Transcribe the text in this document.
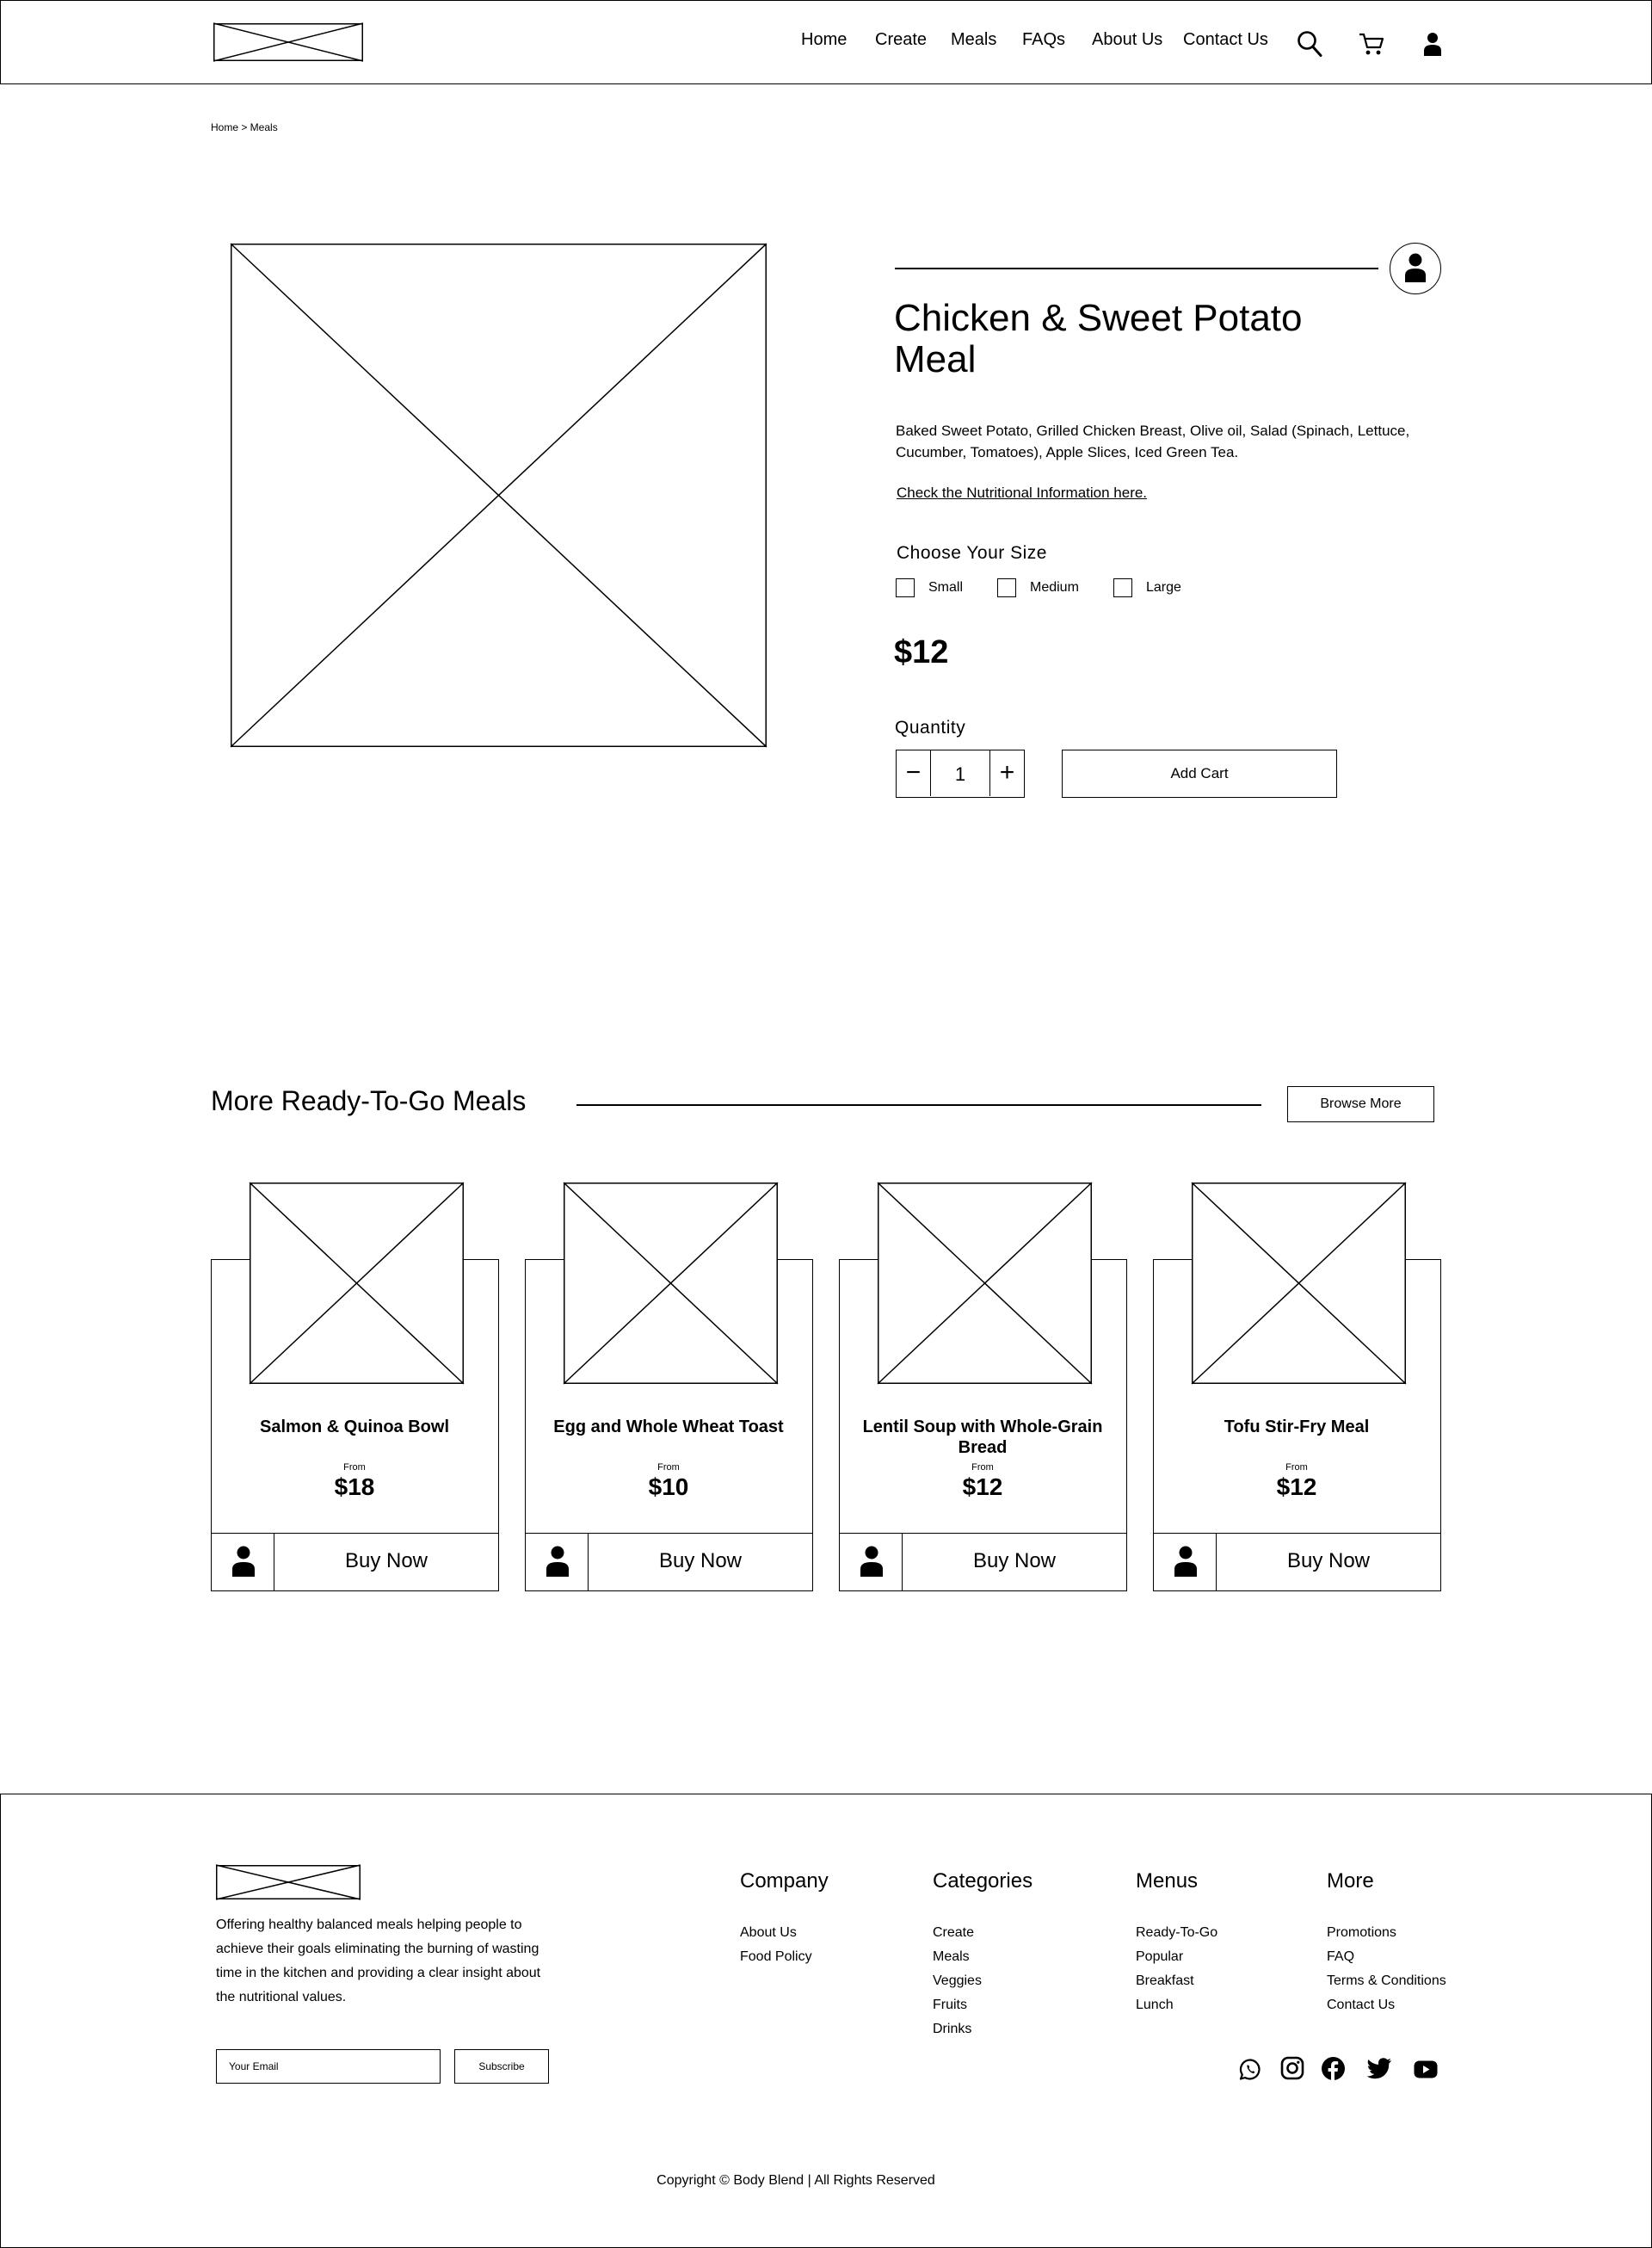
Home Create Meals FAQs About Us Contact Us
Home > Meals
Chicken & Sweet Potato Meal
Baked Sweet Potato, Grilled Chicken Breast, Olive oil, Salad (Spinach, Lettuce, Cucumber, Tomatoes), Apple Slices, Iced Green Tea.
Check the Nutritional Information here.
Choose Your Size
Small	Medium	Large
$12
Quantity
−	1	+	Add Cart
More Ready-To-Go Meals	Browse More
Salmon & Quinoa Bowl
From
$18
Buy Now
Egg and Whole Wheat Toast
From
$10
Buy Now
Lentil Soup with Whole-Grain Bread
From
$12
Buy Now
Tofu Stir-Fry Meal
From
$12
Buy Now
Offering healthy balanced meals helping people to achieve their goals eliminating the burning of wasting time in the kitchen and providing a clear insight about the nutritional values.
Your Email	Subscribe
Company
About Us
Food Policy
Categories
Create
Meals
Veggies
Fruits
Drinks
Menus
Ready-To-Go
Popular
Breakfast
Lunch
More
Promotions
FAQ
Terms & Conditions
Contact Us
Copyright © Body Blend | All Rights Reserved
